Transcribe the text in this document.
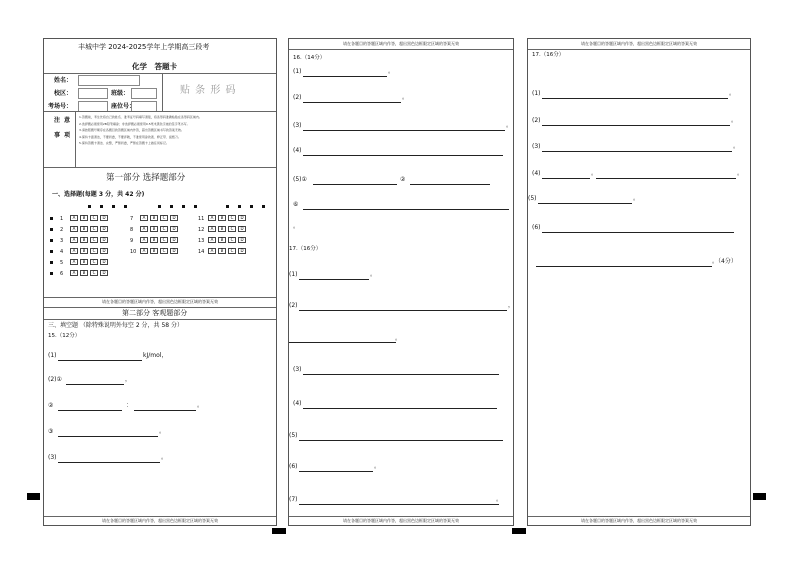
丰城中学 2024-2025学年上学期高三段考
化学　答题卡
姓名：
校区：	班级：
考场号：	座位号：
贴 条 形 码
注 意
事 项
1.答题前，考生先将自己的姓名、准考证号码填写清楚，将条形码准确粘贴在条形码区域内。
2.选择题必须使用2B铅笔填涂；非选择题必须使用0.5毫米黑色字迹的签字笔书写。
3.请按照题号顺序在各题目的答题区域内作答，超出答题区域书写的答案无效。
4.保持卡面清洁，不要折叠，不要弄破，不准使用涂改液、修正带、刮纸刀。
5.保持答题卡清洁、完整，严禁折叠，严禁在答题卡上做任何标记。
第一部分 选择题部分
一、选择题(每题 3 分，共 42 分)
1 A B C D
2 A B C D
3 A B C D
4 A B C D
5 A B C D
6 A B C D
7 A B C D
8 A B C D
9 A B C D
10 A B C D
11 A B C D
12 A B C D
13 A B C D
14 A B C D
请在各题目的答题区域内作答，超出黑色边框限定区域的答案无效
第二部分 客观题部分
三、填空题 （除特殊说明外每空 2 分，共 58 分）
15.（12分）
(1)	kJ/mol，
(2)①	，
②	：	。
③	。
(3)	。
请在各题目的答题区域内作答，超出黑色边框限定区域的答案无效
请在各题目的答题区域内作答，超出黑色边框限定区域的答案无效
16.（14分）
(1)	。
(2)	。
(3)	。
(4)
(5)①	②
⑥
。
17.（16分）
(1)	。
(2)	，
。
(3)
(4)
(5)
(6)	。
(7)	。
请在各题目的答题区域内作答，超出黑色边框限定区域的答案无效
请在各题目的答题区域内作答，超出黑色边框限定区域的答案无效
17.（16分）
(1)	。
(2)	。
(3)	。
(4)	。	。
(5)	。
(6)
。（4分）
请在各题目的答题区域内作答，超出黑色边框限定区域的答案无效
